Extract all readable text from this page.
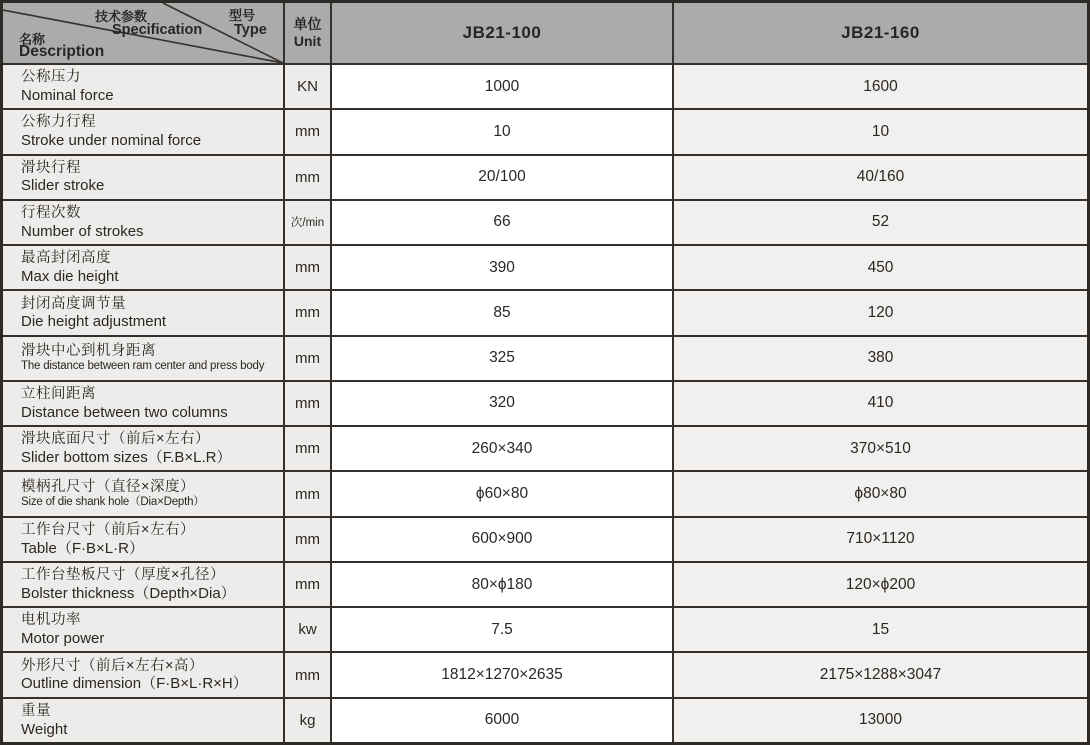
技术参数
Specification
型号
Type
名称
Description
单位
Unit	JB21-100	JB21-160
公称压力
Nominal force
KN	1000	1600
公称力行程
Stroke under nominal force
mm	10	10
滑块行程
Slider stroke
mm	20/100	40/160
行程次数
Number of strokes	次/min	66	52
最高封闭高度
Max die height
mm	390	450
封闭高度调节量
Die height adjustment
mm	85	120
滑块中心到机身距离
The distance between ram center and press body	mm	325	380
立柱间距离
Distance between two columns
mm	320	410
滑块底面尺寸（前后×左右）
Slider bottom sizes（F.B×L.R）
mm	260×340	370×510
模柄孔尺寸（直径×深度）
Size of die shank hole（Dia×Depth）	mm	ϕ60×80	ϕ80×80
工作台尺寸（前后×左右）
Table（F·B×L·R）
mm	600×900	710×1120
工作台垫板尺寸（厚度×孔径）
Bolster thickness（Depth×Dia）
mm	80×ϕ180	120×ϕ200
电机功率
Motor power
kw	7.5	15
外形尺寸（前后×左右×高）
Outline dimension（F·B×L·R×H）
mm	1812×1270×2635	2175×1288×3047
重量
Weight
kg	6000	13000
